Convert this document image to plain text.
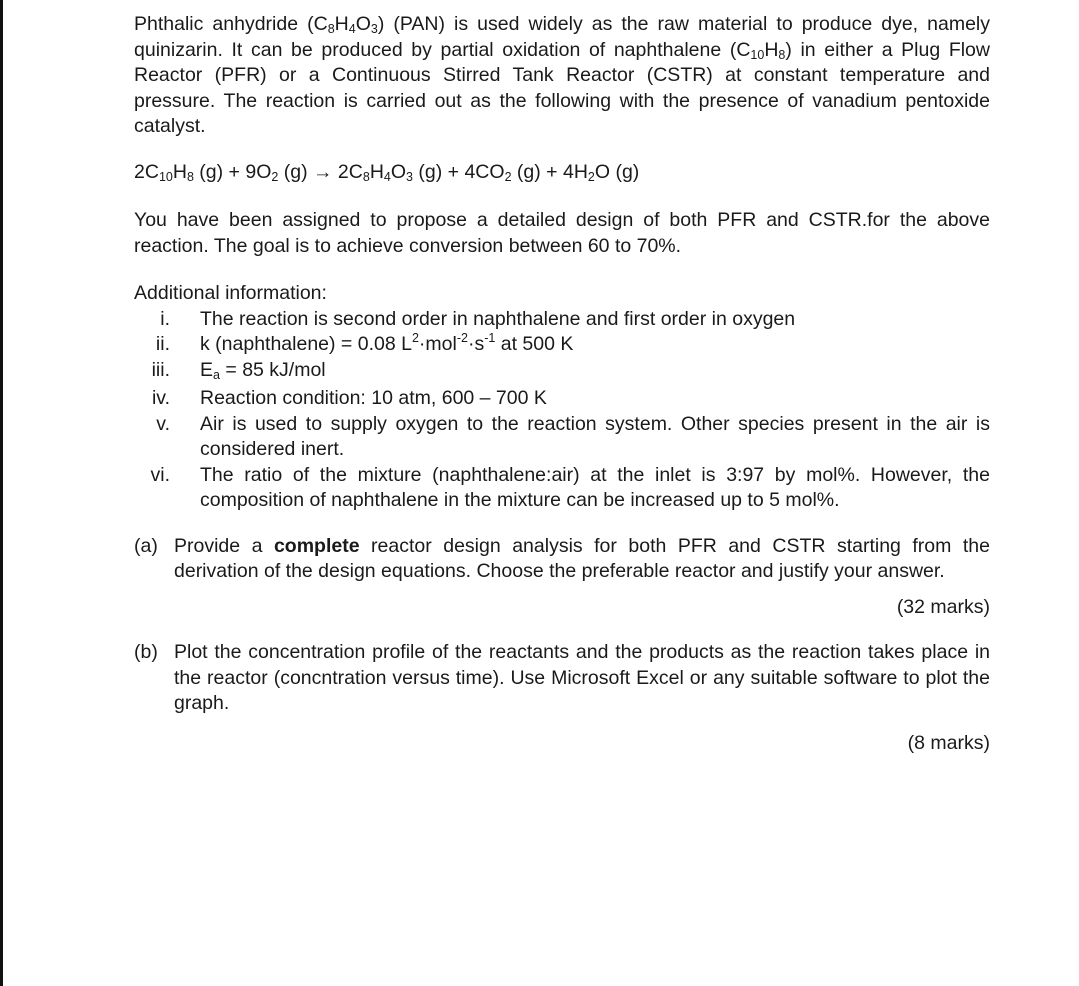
Phthalic anhydride $(C_8H_4O_3)$ (PAN) is used widely as the raw material to produce dye, namely quinizarin. It can be produced by partial oxidation of naphthalene $(C_{10}H_8)$ in either a Plug Flow Reactor (PFR) or a Continuous Stirred Tank Reactor (CSTR) at constant temperature and pressure. The reaction is carried out as the following with the presence of vanadium pentoxide catalyst.

$2C_{10}H_8$ $(g) + 9O_2$ $(g) \to 2C_8H_4O_3$ $(g) + 4CO_2$ $(g) + 4H_2O$ (g)

You have been assigned to propose a detailed design of both PFR and CSTR.for the above reaction. The goal is to achieve conversion between 60 to 70%.

Additional information:

i. The reaction is second order in naphthalene and first order in oxygen
ii. k (naphthalene) = 0.08 $L^2\cdot mol^{-2}\cdot s^{-1}$ at 500 K
iii. $E_a = 85$ kJ/mol
iv. Reaction condition: 10 atm, 600 – 700 K
v. Air is used to supply oxygen to the reaction system. Other species present in the air is considered inert.
vi. The ratio of the mixture (naphthalene:air) at the inlet is 3:97 by mol%. However, the composition of naphthalene in the mixture can be increased up to 5 mol%.
(a) Provide a complete reactor design analysis for both PFR and CSTR starting from the derivation of the design equations. Choose the preferable reactor and justify your answer.
(32 marks)
(b) Plot the concentration profile of the reactants and the products as the reaction takes place in the reactor (concntration versus time). Use Microsoft Excel or any suitable software to plot the graph.
(8 marks)
